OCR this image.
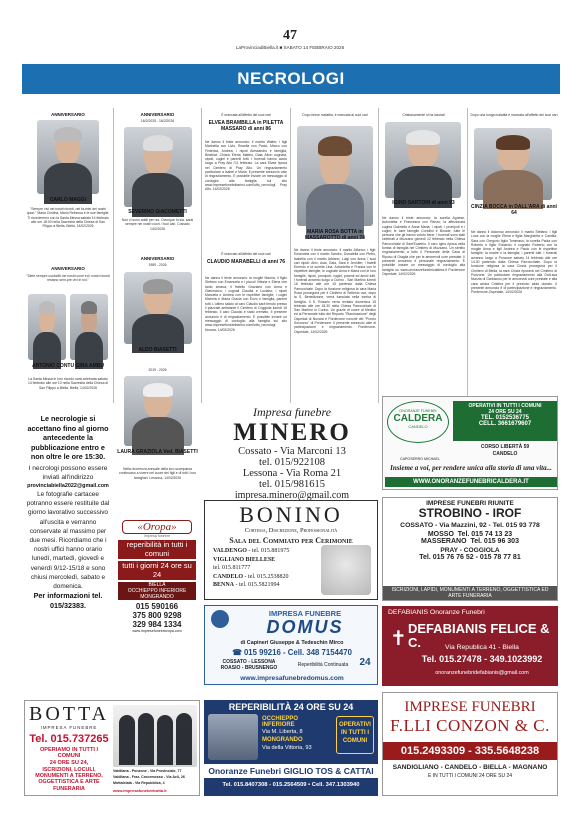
47
LaProvinciadiBiella.it ■ SABATO 14 FEBBRAIO 2026
NECROLOGI
ANNIVERSARIO
CARLO MAGGI
"Sempre vivi nei nostri ricordi, nei fa-miei dei nostri quori." Maria Cristina, Mariù Rebecca e le sue famiglie. Ti ricorderemo con la Santa Messa sabato 14 febbraio alle ore 18:00 nella Sacrestia della Chiesa di San Filippo a Biella. Biella, 14/02/2026
ANNIVERSARIO
"Siete sempre custoditi nei nostri cuori ed i nostri ricordi restano sem-pre vivi in noi."
ANTONIO CONTU GINA AMBU
La Santa Messa in loro ricordo sarà celebrata sabato 14 febbraio alle ore 10 nella Sacrestia della Chiesa di San Filippo a Biella. Biella, 14/02/2026
ANNIVERSARIO
16/2/2025 - 16/2/2026
SEVERINO GIACOMETTI
Non ci sono addii per noi. Ovunque tu sia, sarai sempre nei nostri cuori. I tuoi cari. Cossato 14/2/2026
ANNIVERSARIO
1989 - 2026
ALDO BIASETTI
2019 - 2026
LAURA GRAZIOLA Ved. BIASETTI
Nella ricorrenza annuale della loro scomparsa continuano a vivere nel cuore dei figli e di tutti i loro famigliari. Lessona, 14/02/2026
È mancata all'affetto dei suoi cari
ELVEA BRAMBILLA in PILETTA MASSARO di anni 86
Ne danno il triste annuncio: il marito Walter; i figli Marinella con Livio, Rosella con Paolo, Marco con Federica, Andrea; i nipoti Alessandro e famiglia, Beatrice, Chiara, Elena, Matteo, Gaia, Alice; cognata, nipoti, cugini e parenti tutti. I funerali hanno avuto luogo a Pray Alto l'11 febbraio. La cara Elvea riposa nel Cimitero di Pray Alto. Un ringraziamento particolare a Isabel e Maria. Il presente annuncio vale di ringraziamento. È possibile inviare un messaggio di cordoglio alla famiglia sul sito www.impresefunebribarino.com/lutto_necrologi. Pray Alto, 14/02/2026
È mancato all'affetto dei suoi cari
CLAUDIO MARABELLI di anni 76
Ne danno il triste annuncio: la moglie Mauria; il figlio Stefano con Emanuela e i piccoli Vittoria e Elena che tanto amava; il fratello Graziano con Anna e Gianmarco; i cognati Claudia e Luciano; i nipoti Manuela e Andrea con le rispettive famiglie; i cugini Michela e Maria Grazia con Enzo e famiglia; parenti tutti. L'ultimo saluto al caro Claudio sarà tenuto presso il piazzale antistante il Cimitero di Coggiola lunedì 16 febbraio. Il caro Claudio è stato cremato. Il presente annuncio è di ringraziamento. È possibile inviare un messaggio di cordoglio alla famiglia sul sito www.impresefunebribarino.com/lutto_necrologi. Novara, 14/02/2026
Dopo breve malattia, è mancata ai suoi cari
MARIA ROSA BOTTA in MASSAROTTO di anni 74
Ne danno il triste annuncio: il marito Alfonso; i figli: Emanuela con il marito Sandro, Donatella con Pietro, Isabella con il marito Adriano; Luigi con Anna; i suoi cari nipoti: Alex, Asia, Gaia, Sara e Jennifer; i fratelli Ernesto e la sorella Lina, Antonietta e Franca con le rispettive famiglie, le cognate Anna e Maria con le loro famiglie, nipoti, pronipoti, cugini, parenti ed amici tutti. I funerali avranno luogo a Curino - San Martino lunedì 16 febbraio alle ore 15 partendo dalla Chiesa Parrocchiale. Dopo la funzione religiosa la cara Maria Rosa proseguirà per il Cimitero di Settimio ove, dopo la S. Benedizione, verrà tumulata nella tomba di famiglia. Il S. Rosario verrà recitato domenica 15 febbraio alle ore 18,30 nella Chiesa Parrocchiale di San Martino in Curino. Un grazie di cuore al Medico ed al Personale tutto del Reparto "Rianimazione" degli Ospedali di Novara e Pordenone nonché del "Pronto Soccorso" di Pordenone. Il presente annuncio vale di partecipazione e ringraziamento. Pordenone-Ospedale, 14/02/2026
Cristianamente si ha lasciati
IGINO SARTORI di anni 93
Ne danno il triste annuncio: la sorella Agnese, Antonietta e Francesca con Renzo; la affezionata cugina Gabriella e Anna Maria; i nipoti, i pronipoti e i cugini; le care famiglie Cortolini e Bonzar; tutte le persone che gli hanno voluto bene. I funerali sono stati celebrati a Muzzano giovedì 12 febbraio nella Chiesa Parrocchiale di Sant'Eusebio. Il caro Igino riposa nella tomba di famiglia nel Cimitero di Muzzano. Un sentito ringraziamento a tutto il Personale della Casa di Riposo di Graglia che per le amorevoli cure prestate. Il presente annuncio è personale ringraziamento. È possibile inviare un messaggio di cordoglio alla famiglia su www.onoranzefunebricaldera.it Pordenone Ospedale, 14/02/2026
Dopo una lunga malattia è mancata all'affetto dei suoi cari
CINZIA BOCCA in DALL'ARA di anni 64
Ne danno il doloroso annuncio: il marito Stefano; i figli Luca con la moglie Elena e figlia Margherita e Camilla; Sara con Gregorio figlio Tommaso; la sorella Paola con Roberto e figlio Edoardo; il cognato Roberto con la moglie Anna e figli Andrea e Paolo con le rispettive famiglie; la madre e la famiglia; i parenti tutti. I funerali avranno luogo a Ponzone sabato 14 febbraio alle ore 14.30 partendo dalla Chiesa Parrocchiale. Dopo la funzione religiosa la cara Cinzia proseguirà per il Cimitero di Biella, la cara Cinzia riposerà nel Cimitero di Ponzone. Un particolare ringraziamento alla Dott.ssa Nunzia di Garbaccio per le amorevoli cure prestate e alla cara amica Cristina per il prezioso aiuto donato. Il presente annuncio è di partecipazione e ringraziamento. Pordenone-Ospedale, 14/02/2026
Le necrologie si accettano fino al giorno antecedente la pubblicazione entro e non oltre le ore 15:30.
I necrologi possono essere inviati all'indirizzo
provinciabiella2022@gmail.com
Le fotografie cartacee potranno essere restituite dal giorno lavorativo successivo all'uscita e verranno conservate al massimo per due mesi. Ricordiamo che i nostri uffici hanno orario lunedì, martedì, giovedì e venerdì 9/12-15/18 e sono chiusi mercoledì, sabato e domenica.
Per informazioni tel. 015/32383.
Impresa funebre
MINERO
Cossato - Via Marconi 13
tel. 015/922108
Lessona - Via Roma 21
tel. 015/981615
impresa.minero@gmail.com
ONORANZE FUNEBRI
CALDERA
CANDELO
OPERATIVI IN TUTTI I COMUNI
24 ORE SU 24
TEL. 0152536775
CELL. 3661679607
CORSO LIBERTÀ 59
CANDELO
CAPOSERRO MICHAEL
Insieme a voi, per rendere unica alla storia di una vita...
WWW.ONORANZEFUNEBRICALDERA.IT
«Oropa»
impresa funebre
reperibilità in tutti i comuni
tutti i giorni 24 ore su 24
BIELLA
OCCHIEPPO INFERIORE
MONGRANDO
015 590166
375 800 9298
329 984 1334
www.impresefunebrioropa.com
BONINO
Cortesia, Discrezione, Professionalità
Sala del Commiato per Cerimonie
VALDENGO - tel. 015.881975
VIGLIANO BIELLESE
tel. 015.811777
CANDELO - tel. 015.2538820
BENNA - tel. 015.5821994
IMPRESE FUNEBRI RIUNITE
STROBINO - IROF
COSSATO - Via Mazzini, 92 - Tel. 015 93 778
MOSSO Tel. 015 74 13 23
MASSERANO Tel. 015 96 303
PRAY - COGGIOLA
Tel. 015 76 76 52 - 015 78 77 81
ISCRIZIONI, LAPIDI, MONUMENTI A TERRENO, OGGETTISTICA ED ARTE FUNERARIA
IMPRESA FUNEBRE
DOMUS
di Capineri Giuseppe & Tedeschin Mirco
☎ 015 99216 - Cell. 348 7154470
COSSATO - LESSONA
ROASIO - BRUSNENGO	Reperibilità Continuata	24
www.impresafunebredomus.com
DEFABIANIS Onoranze Funebri
✝ DEFABIANIS FELICE & C.	Via Republica 41 - Biella
Tel. 015.27478 - 349.1023992
onoranzefunebridefabianis@gmail.com
BOTTA
IMPRESA FUNEBRE
Tel. 015.737265
OPERIAMO IN TUTTI I COMUNI
24 ORE SU 24,
ISCRIZIONI, LOCULI, MONUMENTI A TERRENO, OGGETTISTICA E ARTE FUNERARIA
Valdilana - Ponzone - Via Provinciale, 77
Valdilana - Fraz. Crocemosso - Via Acli, 26
Mottalciata - Via Repubblica, 4
www.impresafunebrebotta.it
REPERIBILITÀ 24 ORE SU 24
OCCHIEPPO INFERIORE
Via M. Liberta, 8
MONGRANDO
Via della Vittoria, 93
OPERATIVI IN TUTTI I COMUNI
Onoranze Funebri GIGLIO TOS & CATTAI
Tel. 015.8407308 - 015.2564509 • Cell. 347.1303940
IMPRESE FUNEBRI
F.LLI CONZON & C.
015.2493309 - 335.5648238
SANDIGLIANO - CANDELO - BIELLA - MAGNANO
E IN TUTTI I COMUNI 24 ORE SU 24
